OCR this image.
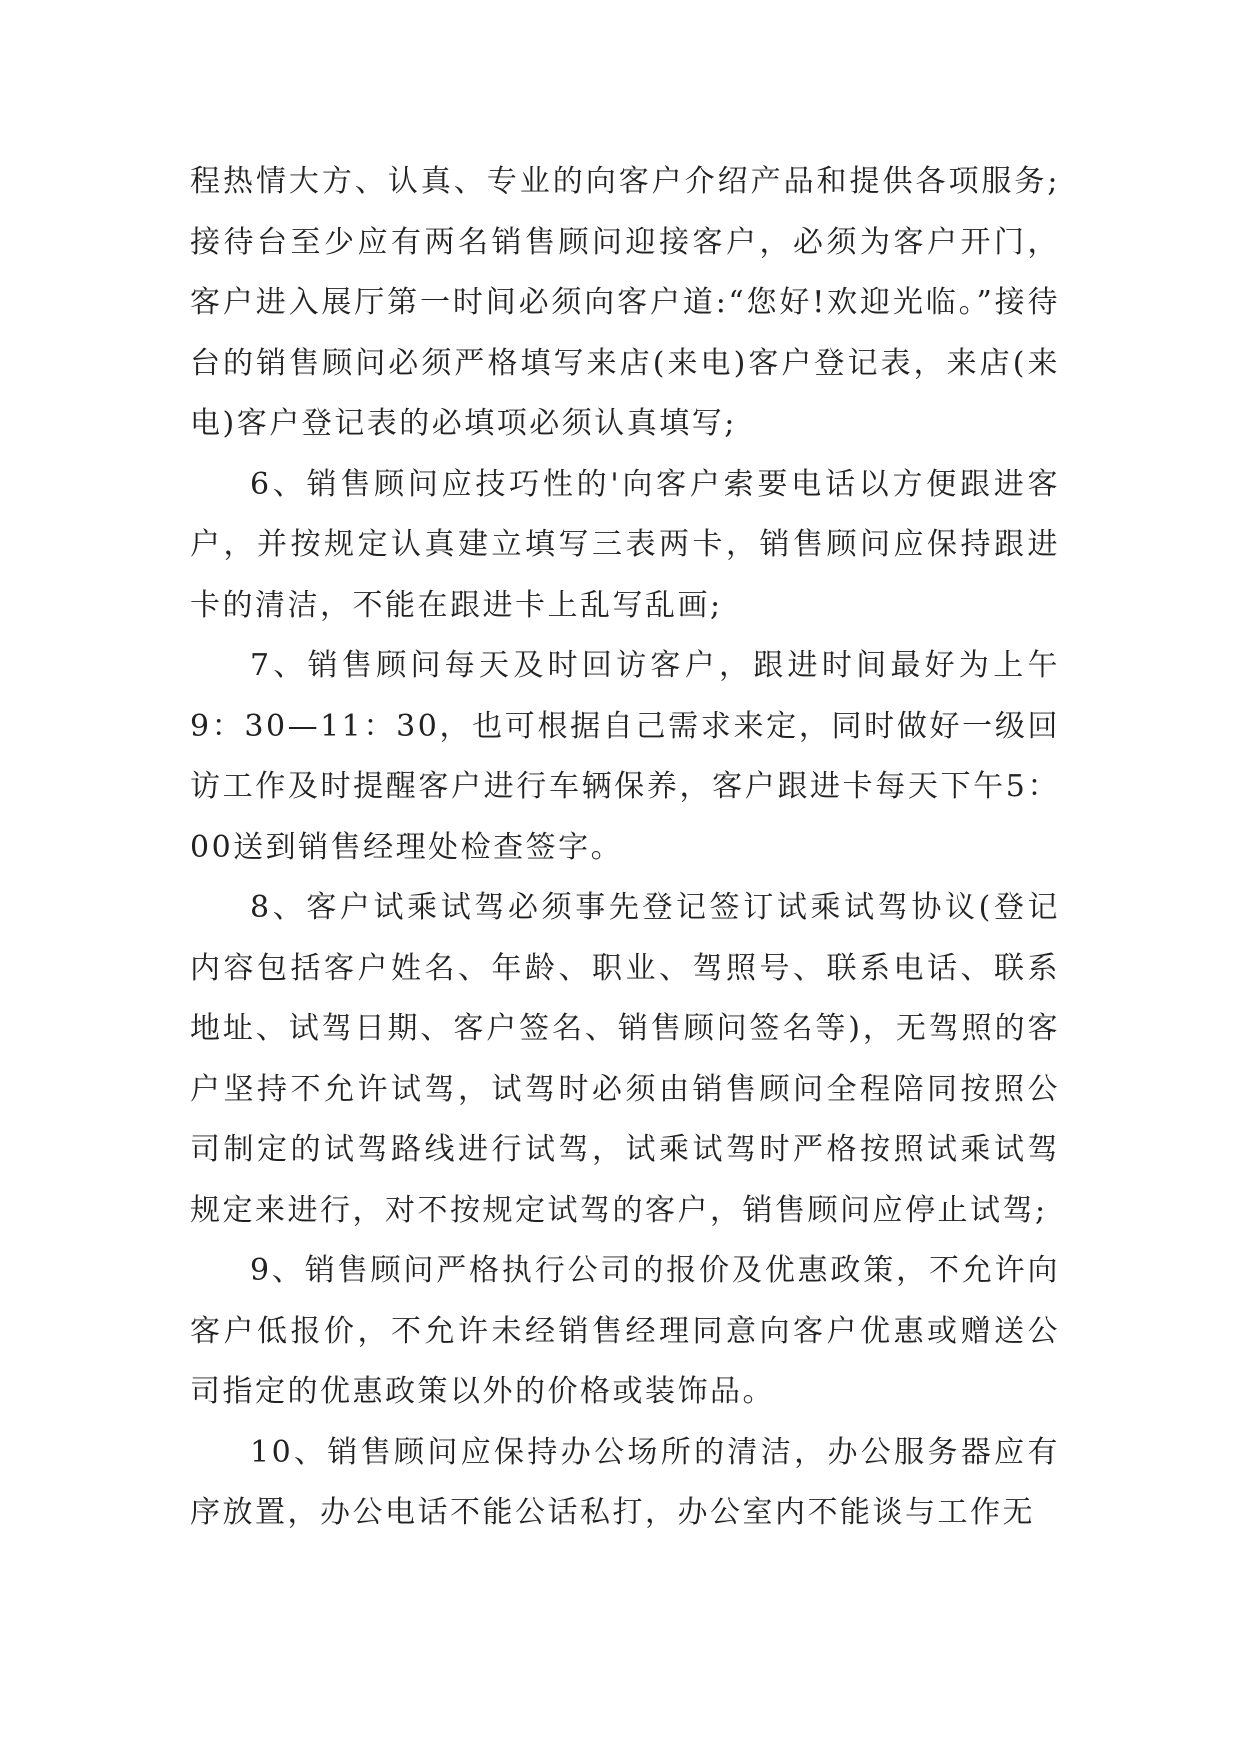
程热情大方、认真、专业的向客户介绍产品和提供各项服务;接待台至少应有两名销售顾问迎接客户，必须为客户开门，客户进入展厅第一时间必须向客户道:“您好!欢迎光临。”接待台的销售顾问必须严格填写来店(来电)客户登记表，来店(来电)客户登记表的必填项必须认真填写;

6、销售顾问应技巧性的'向客户索要电话以方便跟进客户，并按规定认真建立填写三表两卡，销售顾问应保持跟进卡的清洁，不能在跟进卡上乱写乱画;

7、销售顾问每天及时回访客户，跟进时间最好为上午9：30—11：30，也可根据自己需求来定，同时做好一级回访工作及时提醒客户进行车辆保养，客户跟进卡每天下午5：00送到销售经理处检查签字。

8、客户试乘试驾必须事先登记签订试乘试驾协议(登记内容包括客户姓名、年龄、职业、驾照号、联系电话、联系地址、试驾日期、客户签名、销售顾问签名等)，无驾照的客户坚持不允许试驾，试驾时必须由销售顾问全程陪同按照公司制定的试驾路线进行试驾，试乘试驾时严格按照试乘试驾规定来进行，对不按规定试驾的客户，销售顾问应停止试驾;

9、销售顾问严格执行公司的报价及优惠政策，不允许向客户低报价，不允许未经销售经理同意向客户优惠或赠送公司指定的优惠政策以外的价格或装饰品。

10、销售顾问应保持办公场所的清洁，办公服务器应有序放置，办公电话不能公话私打，办公室内不能谈与工作无
